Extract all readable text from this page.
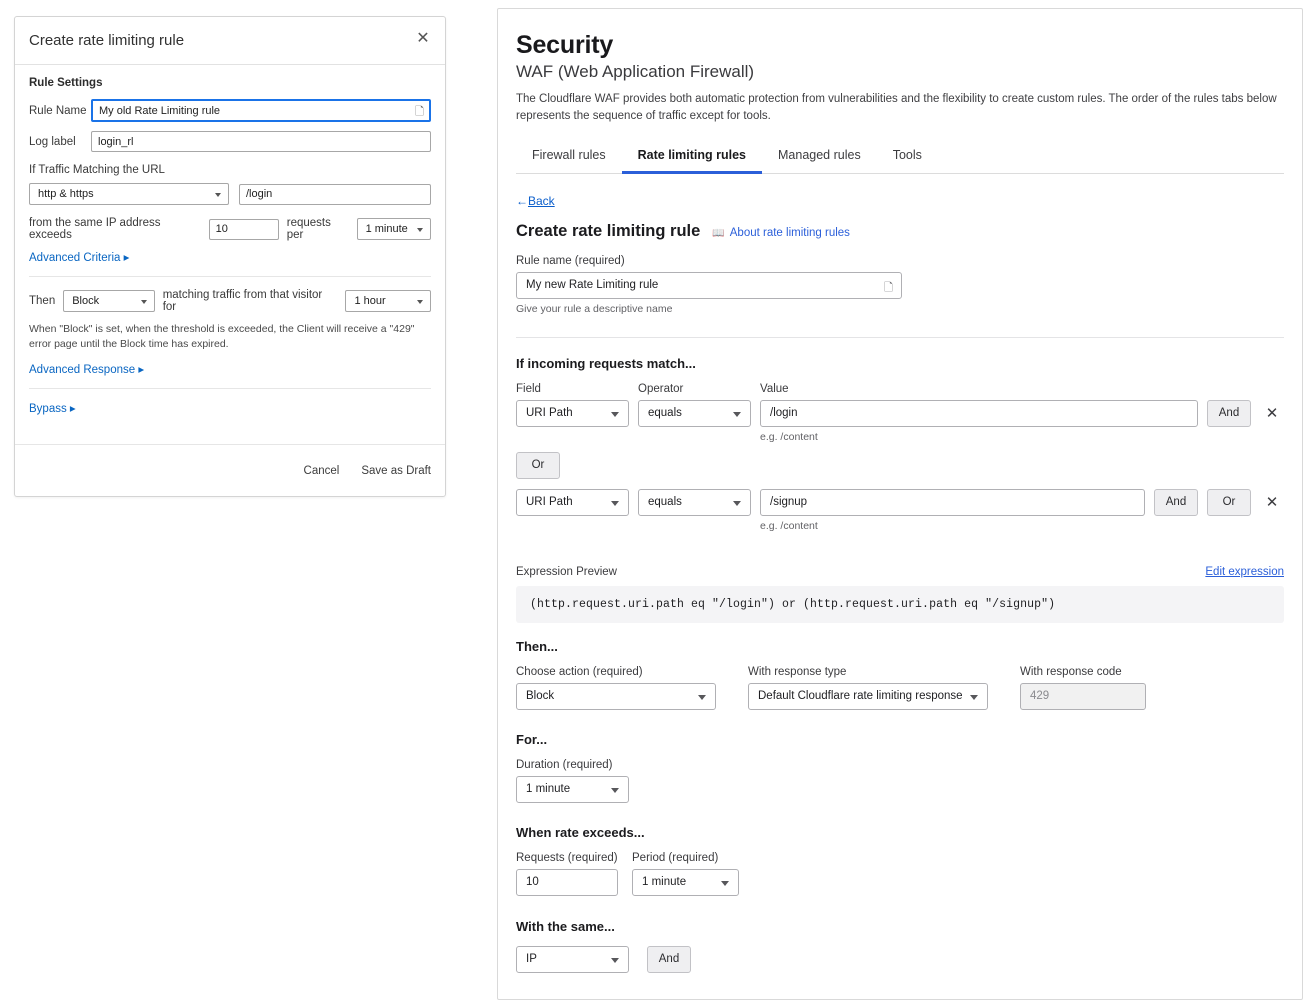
Create rate limiting rule	✕
Rule Settings
Rule Name	My old Rate Limiting rule	🗋
Log label	login_rl
If Traffic Matching the URL
http & https	/login
from the same IP address exceeds	10	requests per	1 minute
Advanced Criteria ▸
Then	Block	matching traffic from that visitor for	1 hour
When "Block" is set, when the threshold is exceeded, the Client will receive a "429" error page until the Block time has expired.
Advanced Response ▸
Bypass ▸
Cancel Save as Draft
Security
WAF (Web Application Firewall)
The Cloudflare WAF provides both automatic protection from vulnerabilities and the flexibility to create custom rules. The order of the rules tabs below represents the sequence of traffic except for tools.
Firewall rules	Rate limiting rules	Managed rules	Tools
←Back
Create rate limiting rule 📖 About rate limiting rules
Rule name (required)
My new Rate Limiting rule	🗋
Give your rule a descriptive name
If incoming requests match...
Field	Operator	Value
URI Path	equals	/login
e.g. /content
And	✕
Or
URI Path	equals	/signup
e.g. /content
And	Or	✕
Expression Preview	Edit expression
(http.request.uri.path eq "/login") or (http.request.uri.path eq "/signup")
Then...
Choose action (required)
Block
With response type
Default Cloudflare rate limiting response
With response code
429
For...
Duration (required)
1 minute
When rate exceeds...
Requests (required)
10
Period (required)
1 minute
With the same...
IP	And
